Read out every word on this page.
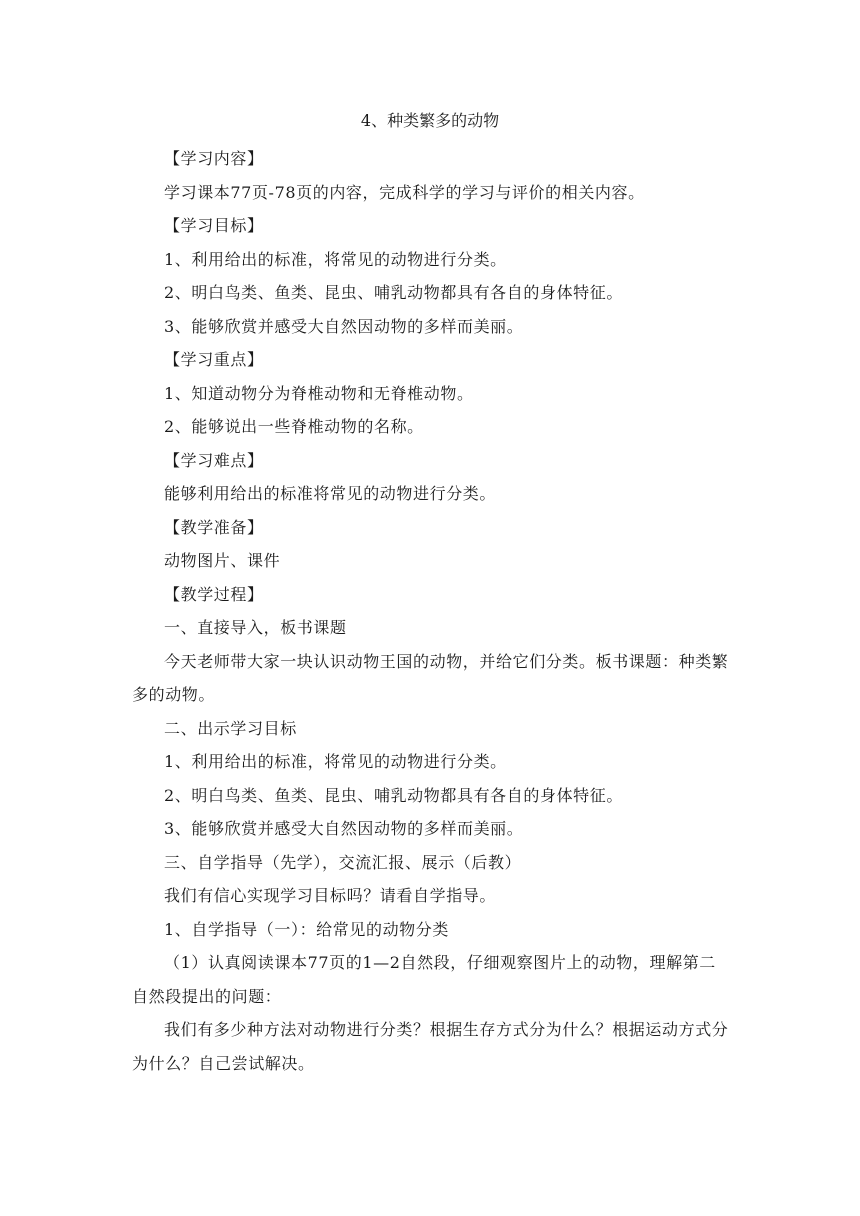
4、种类繁多的动物

【学习内容】

学习课本77页-78页的内容，完成科学的学习与评价的相关内容。

【学习目标】

1、利用给出的标准，将常见的动物进行分类。

2、明白鸟类、鱼类、昆虫、哺乳动物都具有各自的身体特征。

3、能够欣赏并感受大自然因动物的多样而美丽。

【学习重点】

1、知道动物分为脊椎动物和无脊椎动物。

2、能够说出一些脊椎动物的名称。

【学习难点】

能够利用给出的标准将常见的动物进行分类。

【教学准备】

动物图片、课件

【教学过程】

一、直接导入，板书课题

今天老师带大家一块认识动物王国的动物，并给它们分类。板书课题：种类繁多的动物。

二、出示学习目标

1、利用给出的标准，将常见的动物进行分类。

2、明白鸟类、鱼类、昆虫、哺乳动物都具有各自的身体特征。

3、能够欣赏并感受大自然因动物的多样而美丽。

三、自学指导（先学），交流汇报、展示（后教）

我们有信心实现学习目标吗？请看自学指导。

1、自学指导（一）：给常见的动物分类

（1）认真阅读课本77页的1—2自然段，仔细观察图片上的动物，理解第二自然段提出的问题：

我们有多少种方法对动物进行分类？根据生存方式分为什么？根据运动方式分为什么？自己尝试解决。
